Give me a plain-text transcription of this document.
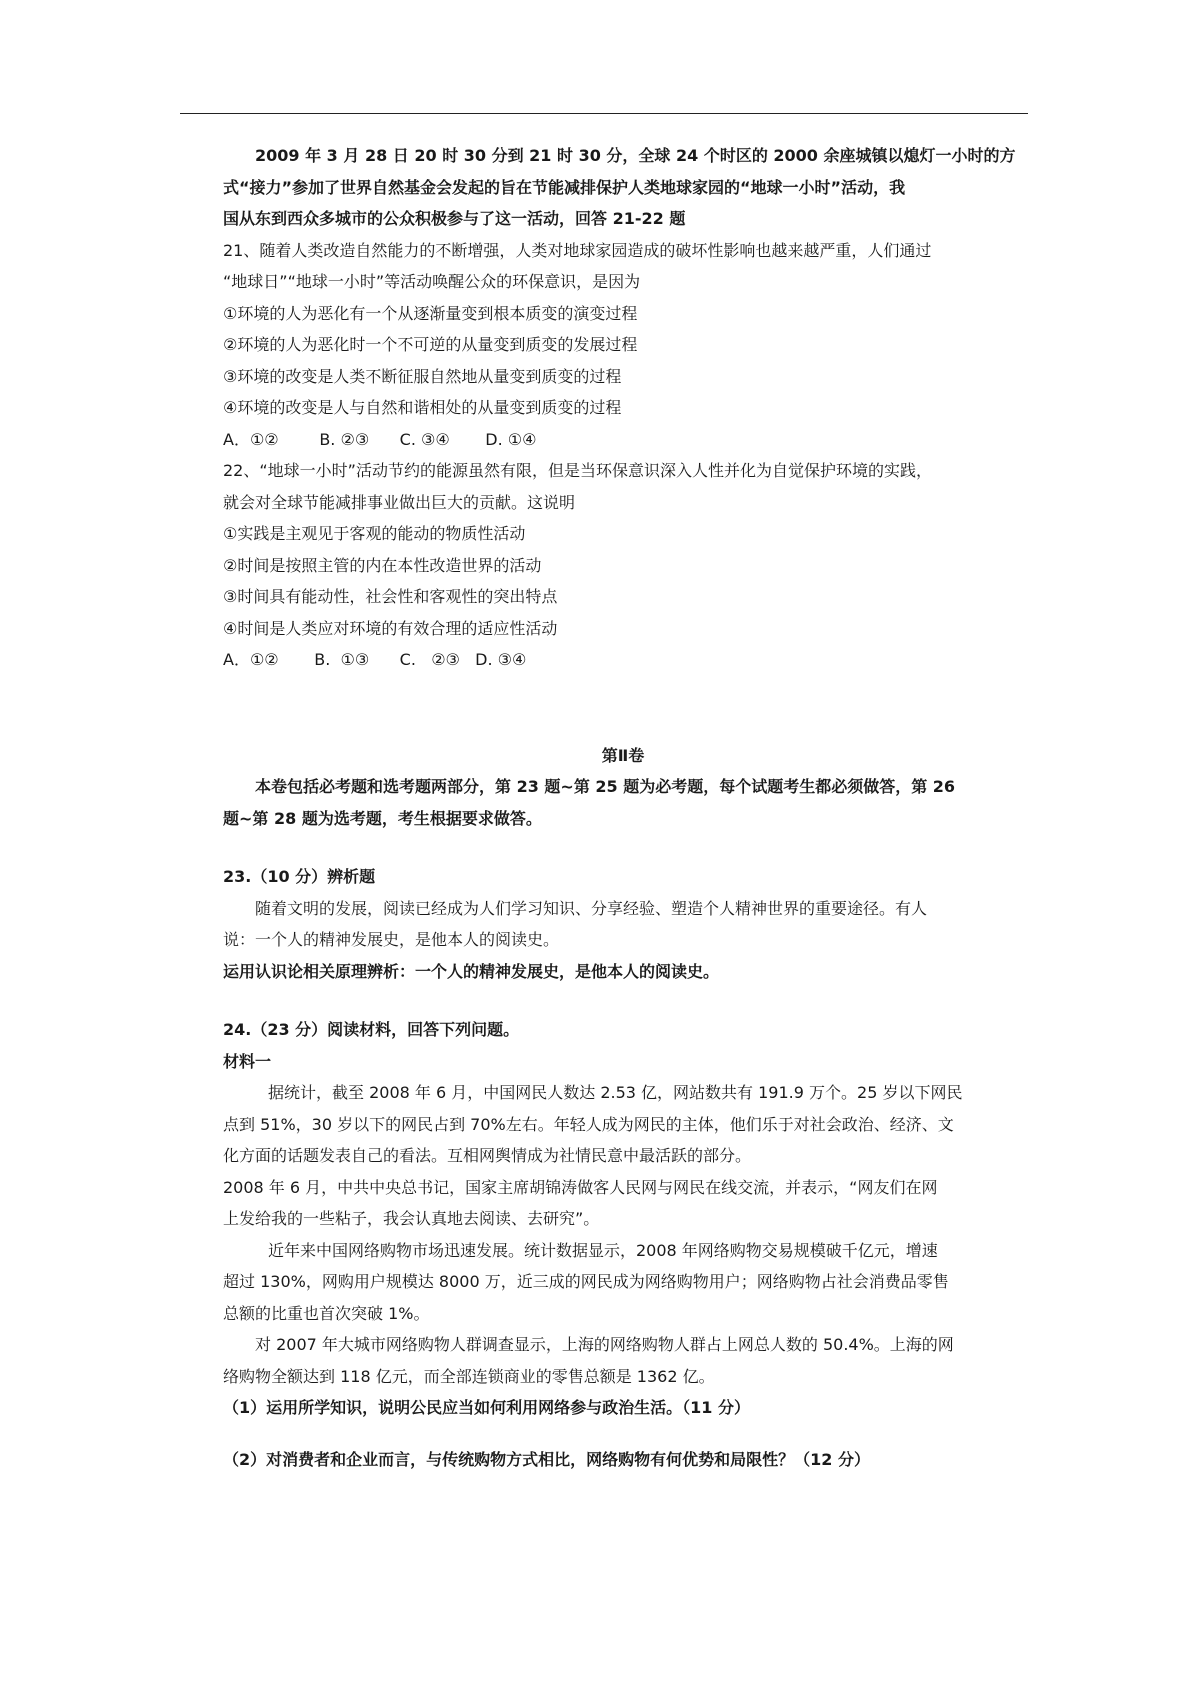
2009 年 3 月 28 日 20 时 30 分到 21 时 30 分，全球 24 个时区的 2000 余座城镇以熄灯一小时的方
式“接力”参加了世界自然基金会发起的旨在节能减排保护人类地球家园的“地球一小时”活动，我
国从东到西众多城市的公众积极参与了这一活动，回答 21-22 题
21、随着人类改造自然能力的不断增强，人类对地球家园造成的破坏性影响也越来越严重，人们通过
“地球日”“地球一小时”等活动唤醒公众的环保意识，是因为
①环境的人为恶化有一个从逐渐量变到根本质变的演变过程
②环境的人为恶化时一个不可逆的从量变到质变的发展过程
③环境的改变是人类不断征服自然地从量变到质变的过程
④环境的改变是人与自然和谐相处的从量变到质变的过程
A．①②        B. ②③      C. ③④       D. ①④
22、“地球一小时”活动节约的能源虽然有限，但是当环保意识深入人性并化为自觉保护环境的实践，
就会对全球节能减排事业做出巨大的贡献。这说明
①实践是主观见于客观的能动的物质性活动
②时间是按照主管的内在本性改造世界的活动
③时间具有能动性，社会性和客观性的突出特点
④时间是人类应对环境的有效合理的适应性活动
A．①②       B.  ①③      C.   ②③   D. ③④
第Ⅱ卷
本卷包括必考题和选考题两部分，第 23 题~第 25 题为必考题，每个试题考生都必须做答，第 26
题~第 28 题为选考题，考生根据要求做答。
23.（10 分）辨析题
随着文明的发展，阅读已经成为人们学习知识、分享经验、塑造个人精神世界的重要途径。有人
说：一个人的精神发展史，是他本人的阅读史。
运用认识论相关原理辨析：一个人的精神发展史，是他本人的阅读史。
24.（23 分）阅读材料，回答下列问题。
材料一
据统计，截至 2008 年 6 月，中国网民人数达 2.53 亿，网站数共有 191.9 万个。25 岁以下网民
点到 51%，30 岁以下的网民占到 70%左右。年轻人成为网民的主体，他们乐于对社会政治、经济、文
化方面的话题发表自己的看法。互相网舆情成为社情民意中最活跃的部分。
2008 年 6 月，中共中央总书记，国家主席胡锦涛做客人民网与网民在线交流，并表示，“网友们在网
上发给我的一些粘子，我会认真地去阅读、去研究”。
近年来中国网络购物市场迅速发展。统计数据显示，2008 年网络购物交易规模破千亿元，增速
超过 130%，网购用户规模达 8000 万，近三成的网民成为网络购物用户；网络购物占社会消费品零售
总额的比重也首次突破 1%。
对 2007 年大城市网络购物人群调查显示，上海的网络购物人群占上网总人数的 50.4%。上海的网
络购物全额达到 118 亿元，而全部连锁商业的零售总额是 1362 亿。
（1）运用所学知识，说明公民应当如何利用网络参与政治生活。（11 分）
（2）对消费者和企业而言，与传统购物方式相比，网络购物有何优势和局限性？（12 分）
